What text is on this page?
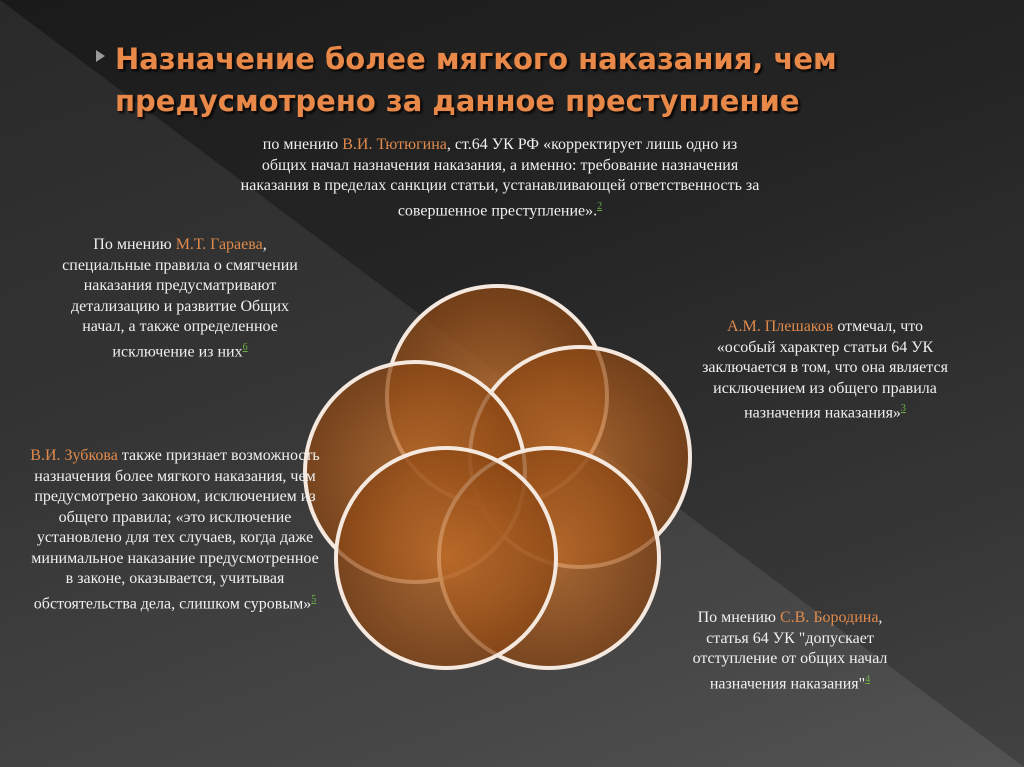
Назначение более мягкого наказания, чем предусмотрено за данное преступление
по мнению В.И. Тютюгина, ст.64 УК РФ «корректирует лишь одно из общих начал назначения наказания, а именно: требование назначения наказания в пределах санкции статьи, устанавливающей ответственность за совершенное преступление».$^2$
По мнению М.Т. Гараева, специальные правила о смягчении наказания предусматривают детализацию и развитие Общих начал, а также определенное исключение из них$^6$
В.И. Зубкова также признает возможность назначения более мягкого наказания, чем предусмотрено законом, исключением из общего правила; «это исключение установлено для тех случаев, когда даже минимальное наказание предусмотренное в законе, оказывается, учитывая обстоятельства дела, слишком суровым»$^5$
А.М. Плешаков отмечал, что «особый характер статьи 64 УК заключается в том, что она является исключением из общего правила назначения наказания»$^3$
По мнению С.В. Бородина, статья 64 УК "допускает отступление от общих начал назначения наказания"$^4$
